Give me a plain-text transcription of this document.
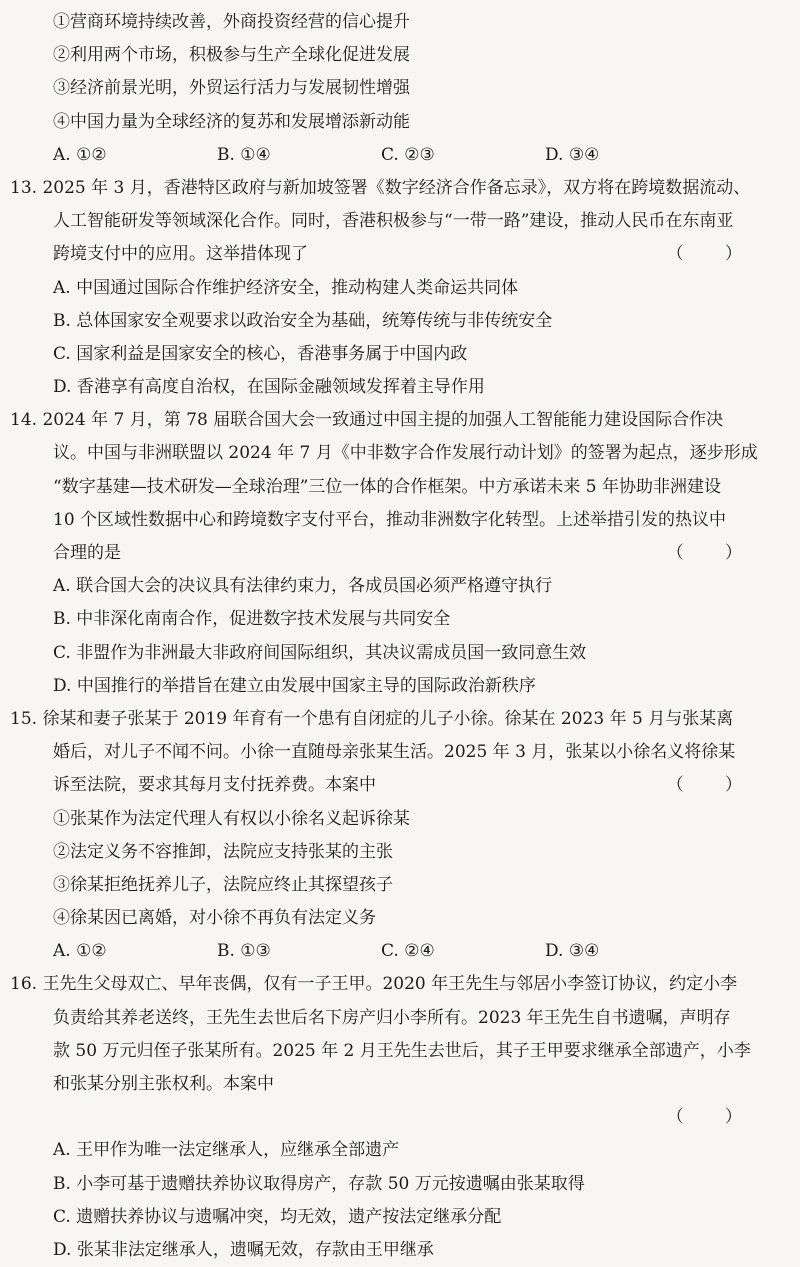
①营商环境持续改善，外商投资经营的信心提升
②利用两个市场，积极参与生产全球化促进发展
③经济前景光明，外贸运行活力与发展韧性增强
④中国力量为全球经济的复苏和发展增添新动能
A. ①②	B. ①④	C. ②③	D. ③④
13. 2025 年 3 月，香港特区政府与新加坡签署《数字经济合作备忘录》，双方将在跨境数据流动、
人工智能研发等领域深化合作。同时，香港积极参与“一带一路”建设，推动人民币在东南亚
跨境支付中的应用。这举措体现了	（ ）
A. 中国通过国际合作维护经济安全，推动构建人类命运共同体
B. 总体国家安全观要求以政治安全为基础，统筹传统与非传统安全
C. 国家利益是国家安全的核心，香港事务属于中国内政
D. 香港享有高度自治权，在国际金融领域发挥着主导作用
14. 2024 年 7 月，第 78 届联合国大会一致通过中国主提的加强人工智能能力建设国际合作决
议。中国与非洲联盟以 2024 年 7 月《中非数字合作发展行动计划》的签署为起点，逐步形成
“数字基建—技术研发—全球治理”三位一体的合作框架。中方承诺未来 5 年协助非洲建设
10 个区域性数据中心和跨境数字支付平台，推动非洲数字化转型。上述举措引发的热议中
合理的是	（ ）
A. 联合国大会的决议具有法律约束力，各成员国必须严格遵守执行
B. 中非深化南南合作，促进数字技术发展与共同安全
C. 非盟作为非洲最大非政府间国际组织，其决议需成员国一致同意生效
D. 中国推行的举措旨在建立由发展中国家主导的国际政治新秩序
15. 徐某和妻子张某于 2019 年育有一个患有自闭症的儿子小徐。徐某在 2023 年 5 月与张某离
婚后，对儿子不闻不问。小徐一直随母亲张某生活。2025 年 3 月，张某以小徐名义将徐某
诉至法院，要求其每月支付抚养费。本案中	（ ）
①张某作为法定代理人有权以小徐名义起诉徐某
②法定义务不容推卸，法院应支持张某的主张
③徐某拒绝抚养儿子，法院应终止其探望孩子
④徐某因已离婚，对小徐不再负有法定义务
A. ①②	B. ①③	C. ②④	D. ③④
16. 王先生父母双亡、早年丧偶，仅有一子王甲。2020 年王先生与邻居小李签订协议，约定小李
负责给其养老送终，王先生去世后名下房产归小李所有。2023 年王先生自书遗嘱，声明存
款 50 万元归侄子张某所有。2025 年 2 月王先生去世后，其子王甲要求继承全部遗产，小李
和张某分别主张权利。本案中
（ ）
A. 王甲作为唯一法定继承人，应继承全部遗产
B. 小李可基于遗赠扶养协议取得房产，存款 50 万元按遗嘱由张某取得
C. 遗赠扶养协议与遗嘱冲突，均无效，遗产按法定继承分配
D. 张某非法定继承人，遗嘱无效，存款由王甲继承
